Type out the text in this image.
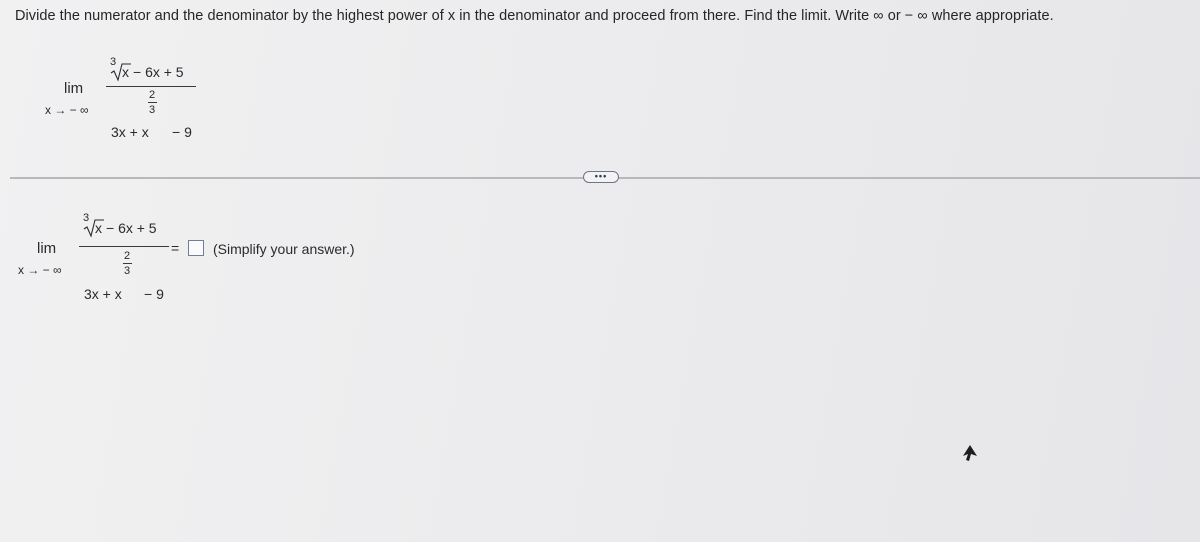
Divide the numerator and the denominator by the highest power of x in the denominator and proceed from there. Find the limit. Write ∞ or − ∞ where appropriate.
lim
x → − ∞
3
x − 6x + 5
2
3
3x + x − 9
•••
lim
x → − ∞
3
x − 6x + 5
2
3
3x + x − 9
= (Simplify your answer.)
